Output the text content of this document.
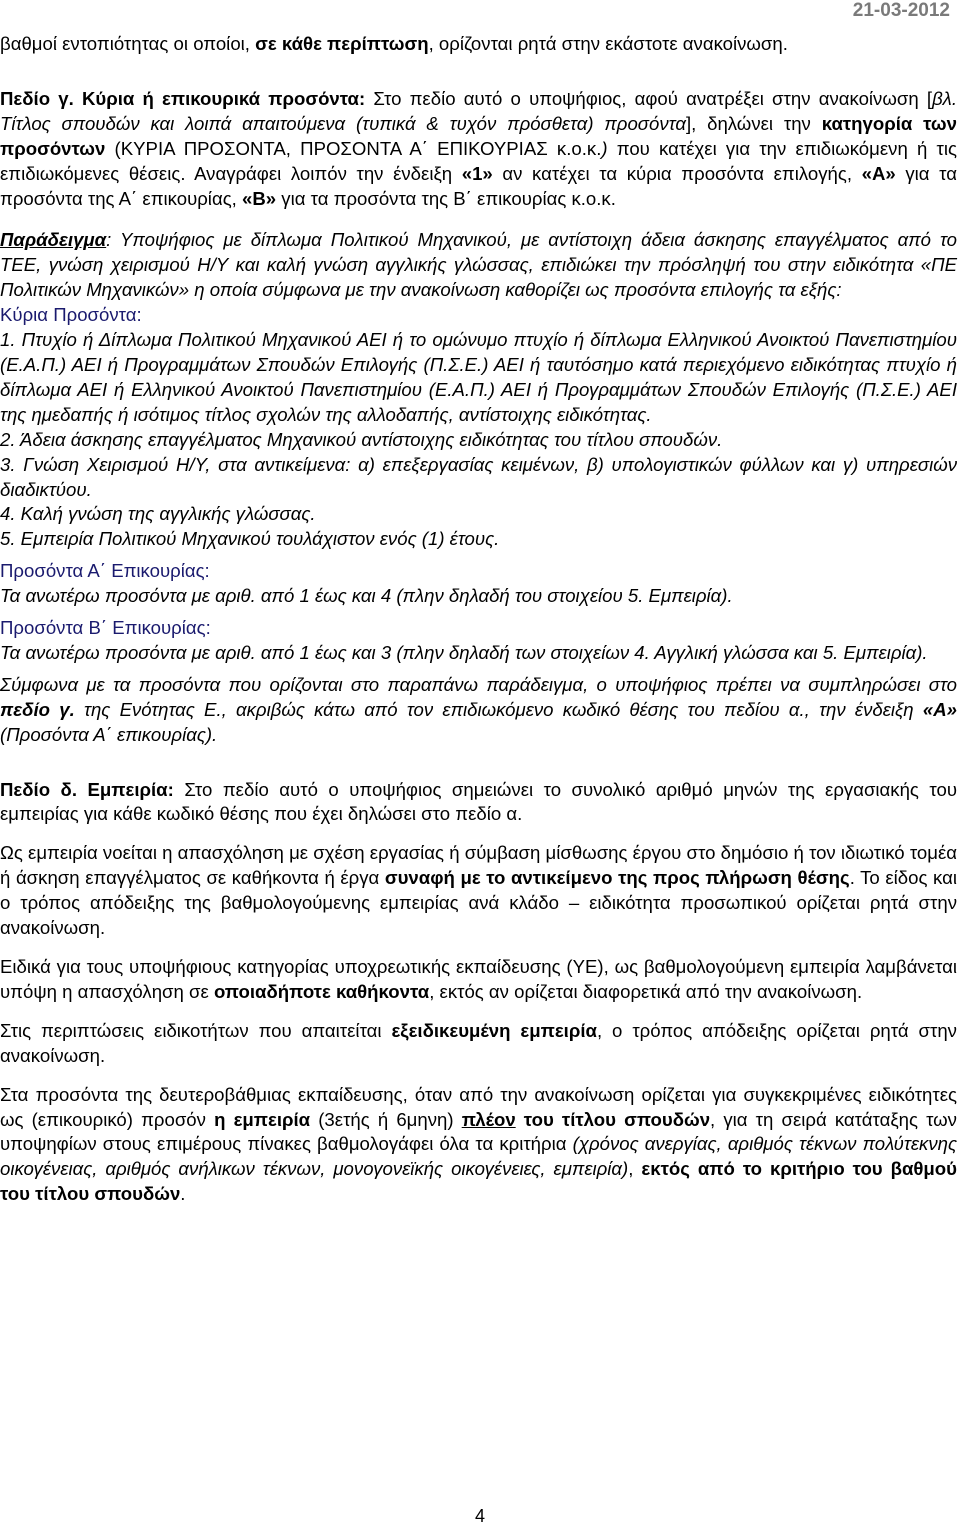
21-03-2012

βαθμοί εντοπιότητας οι οποίοι, σε κάθε περίπτωση, ορίζονται ρητά στην εκάστοτε ανακοίνωση.

Πεδίο γ. Κύρια ή επικουρικά προσόντα: Στο πεδίο αυτό ο υποψήφιος, αφού ανατρέξει στην ανακοίνωση [βλ. Τίτλος σπουδών και λοιπά απαιτούμενα (τυπικά & τυχόν πρόσθετα) προσόντα], δηλώνει την κατηγορία των προσόντων (ΚΥΡΙΑ ΠΡΟΣΟΝΤΑ, ΠΡΟΣΟΝΤΑ Α΄ ΕΠΙΚΟΥΡΙΑΣ κ.ο.κ.) που κατέχει για την επιδιωκόμενη ή τις επιδιωκόμενες θέσεις. Αναγράφει λοιπόν την ένδειξη «1» αν κατέχει τα κύρια προσόντα επιλογής, «Α» για τα προσόντα της Α΄ επικουρίας, «Β» για τα προσόντα της Β΄ επικουρίας κ.ο.κ.

Παράδειγμα: Υποψήφιος με δίπλωμα Πολιτικού Μηχανικού, με αντίστοιχη άδεια άσκησης επαγγέλματος από το ΤΕΕ, γνώση χειρισμού Η/Υ και καλή γνώση αγγλικής γλώσσας, επιδιώκει την πρόσληψή του στην ειδικότητα «ΠΕ Πολιτικών Μηχανικών» η οποία σύμφωνα με την ανακοίνωση καθορίζει ως προσόντα επιλογής τα εξής:

Κύρια Προσόντα:

1. Πτυχίο ή Δίπλωμα Πολιτικού Μηχανικού ΑΕΙ ή το ομώνυμο πτυχίο ή δίπλωμα Ελληνικού Ανοικτού Πανεπιστημίου (Ε.Α.Π.) ΑΕΙ ή Προγραμμάτων Σπουδών Επιλογής (Π.Σ.Ε.) ΑΕΙ ή ταυτόσημο κατά περιεχόμενο ειδικότητας πτυχίο ή δίπλωμα ΑΕΙ ή Ελληνικού Ανοικτού Πανεπιστημίου (Ε.Α.Π.) ΑΕΙ ή Προγραμμάτων Σπουδών Επιλογής (Π.Σ.Ε.) ΑΕΙ της ημεδαπής ή ισότιμος τίτλος σχολών της αλλοδαπής, αντίστοιχης ειδικότητας.

2. Άδεια άσκησης επαγγέλματος Μηχανικού αντίστοιχης ειδικότητας του τίτλου σπουδών.

3. Γνώση Χειρισμού Η/Υ, στα αντικείμενα: α) επεξεργασίας κειμένων, β) υπολογιστικών φύλλων και γ) υπηρεσιών διαδικτύου.

4. Καλή γνώση της αγγλικής γλώσσας.

5. Εμπειρία Πολιτικού Μηχανικού τουλάχιστον ενός (1) έτους.

Προσόντα Α΄ Επικουρίας:

Τα ανωτέρω προσόντα με αριθ. από 1 έως και 4 (πλην δηλαδή του στοιχείου 5. Εμπειρία).

Προσόντα Β΄ Επικουρίας:

Τα ανωτέρω προσόντα με αριθ. από 1 έως και 3 (πλην δηλαδή των στοιχείων 4. Αγγλική γλώσσα και 5. Εμπειρία).

Σύμφωνα με τα προσόντα που ορίζονται στο παραπάνω παράδειγμα, ο υποψήφιος πρέπει να συμπληρώσει στο πεδίο γ. της Ενότητας Ε., ακριβώς κάτω από τον επιδιωκόμενο κωδικό θέσης του πεδίου α., την ένδειξη «Α» (Προσόντα Α΄ επικουρίας).

Πεδίο δ. Εμπειρία: Στο πεδίο αυτό ο υποψήφιος σημειώνει το συνολικό αριθμό μηνών της εργασιακής του εμπειρίας για κάθε κωδικό θέσης που έχει δηλώσει στο πεδίο α.

Ως εμπειρία νοείται η απασχόληση με σχέση εργασίας ή σύμβαση μίσθωσης έργου στο δημόσιο ή τον ιδιωτικό τομέα ή άσκηση επαγγέλματος σε καθήκοντα ή έργα συναφή με το αντικείμενο της προς πλήρωση θέσης. Το είδος και ο τρόπος απόδειξης της βαθμολογούμενης εμπειρίας ανά κλάδο – ειδικότητα προσωπικού ορίζεται ρητά στην ανακοίνωση.

Ειδικά για τους υποψήφιους κατηγορίας υποχρεωτικής εκπαίδευσης (ΥΕ), ως βαθμολογούμενη εμπειρία λαμβάνεται υπόψη η απασχόληση σε οποιαδήποτε καθήκοντα, εκτός αν ορίζεται διαφορετικά από την ανακοίνωση.

Στις περιπτώσεις ειδικοτήτων που απαιτείται εξειδικευμένη εμπειρία, ο τρόπος απόδειξης ορίζεται ρητά στην ανακοίνωση.

Στα προσόντα της δευτεροβάθμιας εκπαίδευσης, όταν από την ανακοίνωση ορίζεται για συγκεκριμένες ειδικότητες ως (επικουρικό) προσόν η εμπειρία (3ετής ή 6μηνη) πλέον του τίτλου σπουδών, για τη σειρά κατάταξης των υποψηφίων στους επιμέρους πίνακες βαθμολογάφει όλα τα κριτήρια (χρόνος ανεργίας, αριθμός τέκνων πολύτεκνης οικογένειας, αριθμός ανήλικων τέκνων, μονογονεϊκής οικογένειες, εμπειρία), εκτός από το κριτήριο του βαθμού του τίτλου σπουδών.

4
